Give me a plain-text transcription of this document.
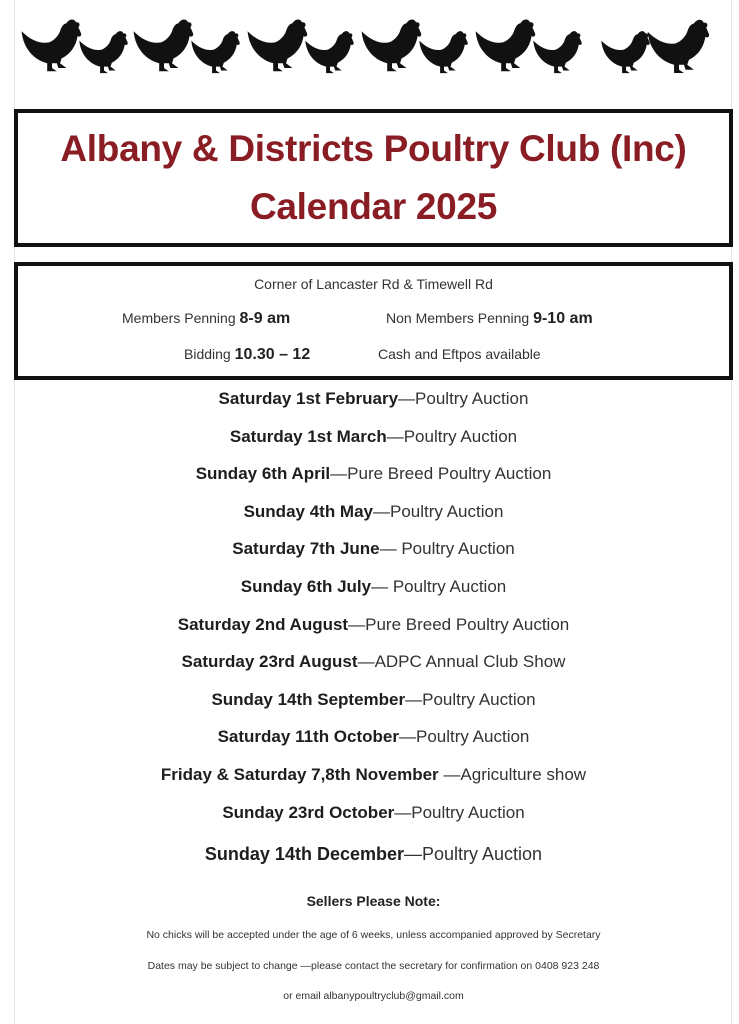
Albany & Districts Poultry Club (Inc)
Calendar 2025
Corner of Lancaster Rd & Timewell Rd
Members Penning 8-9 am	Non Members Penning 9-10 am
Bidding 10.30 – 12	Cash and Eftpos available
Saturday 1st February—Poultry Auction
Saturday 1st March—Poultry Auction
Sunday 6th April—Pure Breed Poultry Auction
Sunday 4th May—Poultry Auction
Saturday 7th June— Poultry Auction
Sunday 6th July— Poultry Auction
Saturday 2nd August—Pure Breed Poultry Auction
Saturday 23rd August—ADPC Annual Club Show
Sunday 14th September—Poultry Auction
Saturday 11th October—Poultry Auction
Friday & Saturday 7,8th November —Agriculture show
Sunday 23rd October—Poultry Auction
Sunday 14th December—Poultry Auction
Sellers Please Note:
No chicks will be accepted under the age of 6 weeks, unless accompanied approved by Secretary
Dates may be subject to change —please contact the secretary for confirmation on 0408 923 248
or email albanypoultryclub@gmail.com
